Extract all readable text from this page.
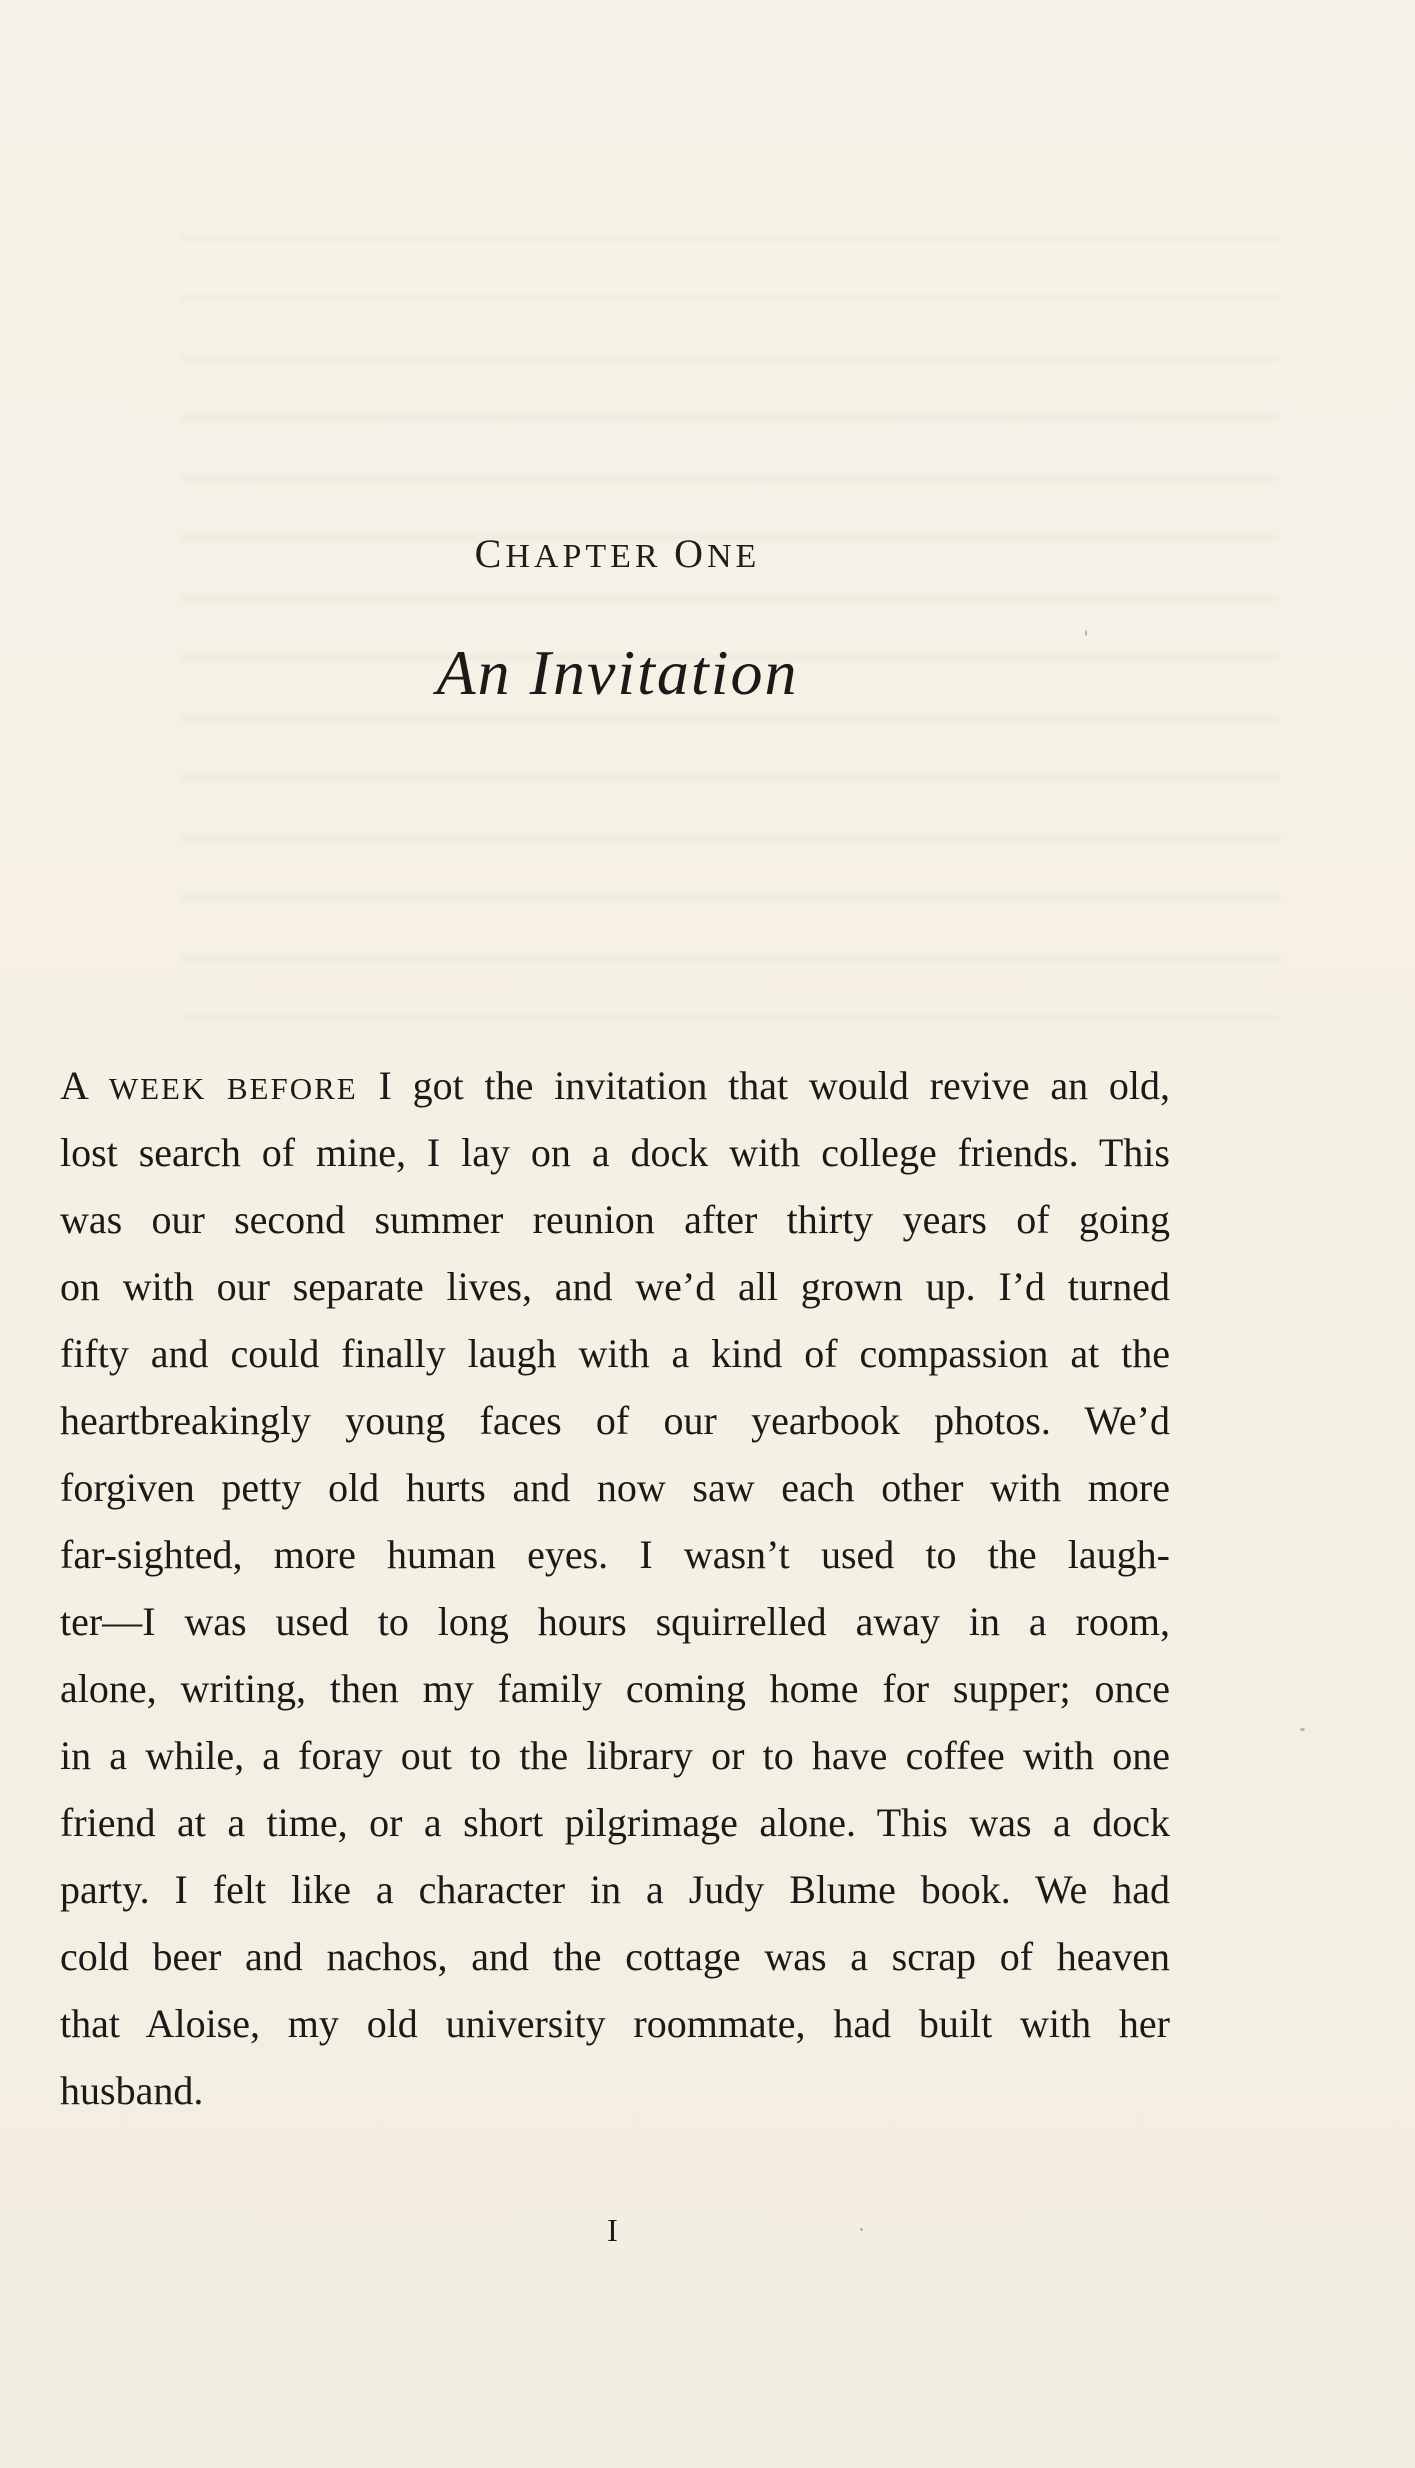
CHAPTER ONE
An Invitation
A WEEK BEFORE I got the invitation that would revive an old,
lost search of mine, I lay on a dock with college friends. This
was our second summer reunion after thirty years of going
on with our separate lives, and we’d all grown up. I’d turned
fifty and could finally laugh with a kind of compassion at the
heartbreakingly young faces of our yearbook photos. We’d
forgiven petty old hurts and now saw each other with more
far-sighted, more human eyes. I wasn’t used to the laugh-
ter—I was used to long hours squirrelled away in a room,
alone, writing, then my family coming home for supper; once
in a while, a foray out to the library or to have coffee with one
friend at a time, or a short pilgrimage alone. This was a dock
party. I felt like a character in a Judy Blume book. We had
cold beer and nachos, and the cottage was a scrap of heaven
that Aloise, my old university roommate, had built with her
husband.
I
